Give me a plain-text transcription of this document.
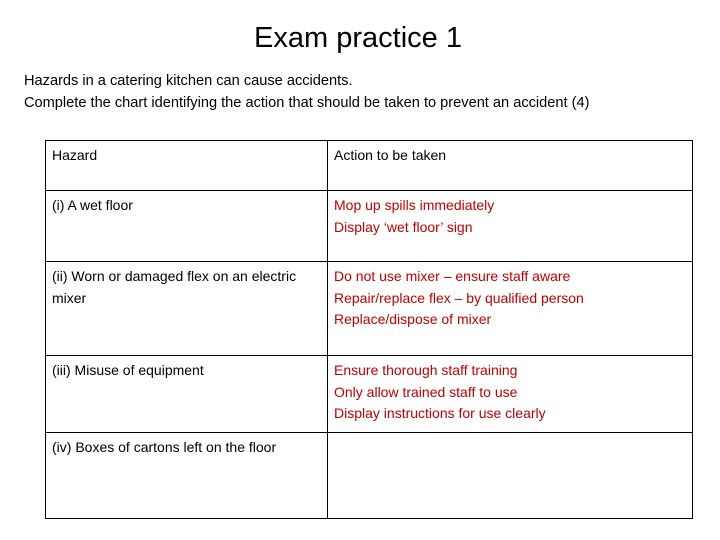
Exam practice 1
Hazards in a catering kitchen can cause accidents.
Complete the chart identifying the action that should be taken to prevent an accident (4)
Hazard	Action to be taken
(i) A wet floor	Mop up spills immediately
Display ‘wet floor’ sign

(ii) Worn or damaged flex on an electric mixer	Do not use mixer – ensure staff aware
Repair/replace flex – by qualified person
Replace/dispose of mixer

(iii) Misuse of equipment	Ensure thorough staff training
Only allow trained staff to use
Display instructions for use clearly

(iv) Boxes of cartons left on the floor	
